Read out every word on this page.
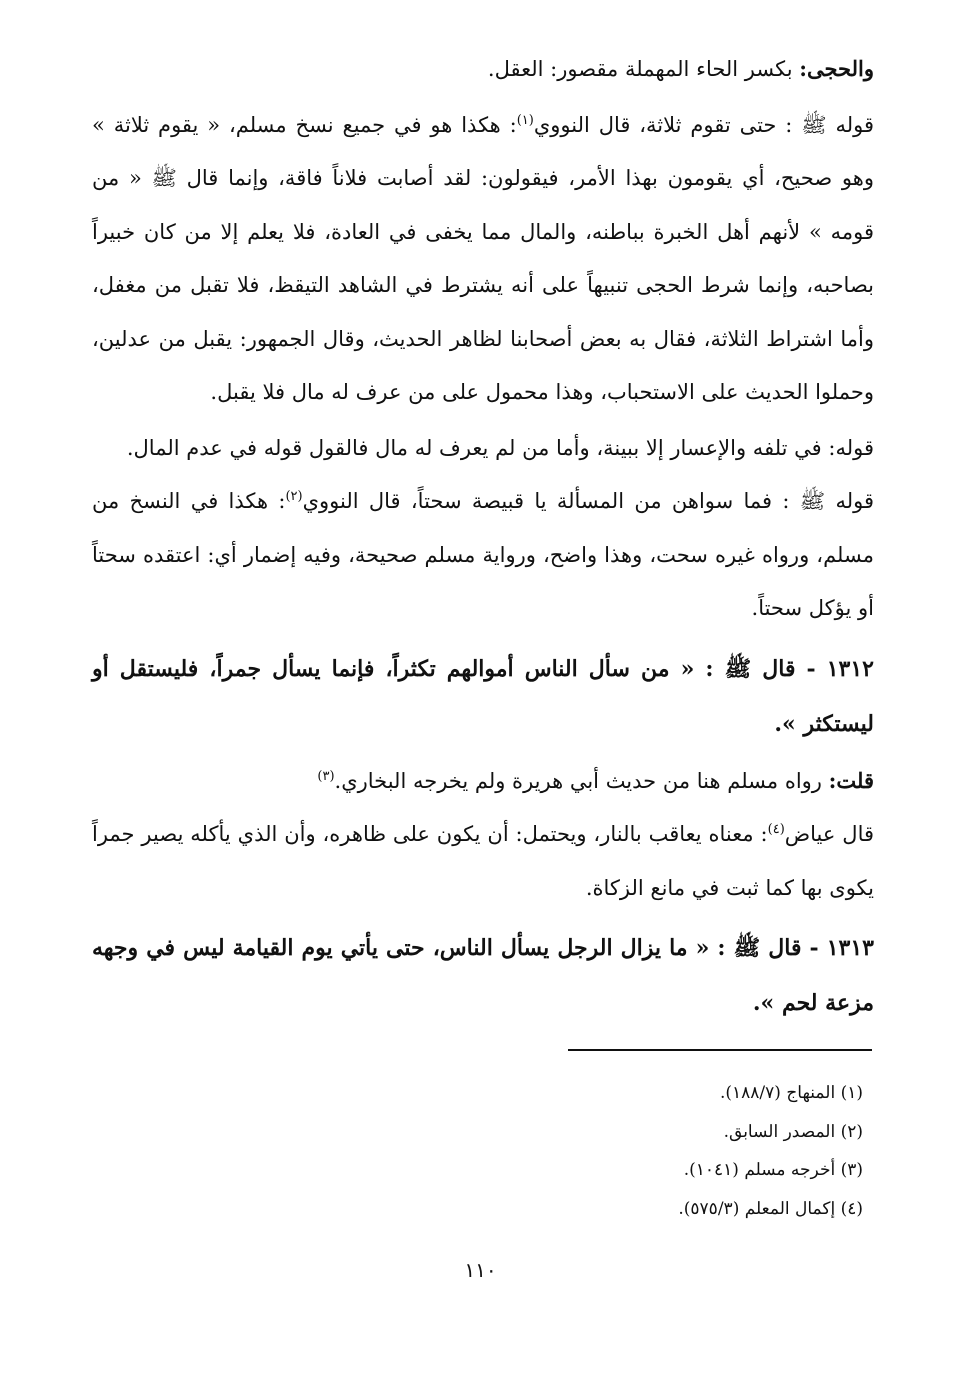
والحجى: بكسر الحاء المهملة مقصور: العقل.

قوله ﷺ : حتى تقوم ثلاثة، قال النووي$^{(١)}$: هكذا هو في جميع نسخ مسلم، « يقوم ثلاثة » وهو صحيح، أي يقومون بهذا الأمر، فيقولون: لقد أصابت فلاناً فاقة، وإنما قال ﷺ « من قومه » لأنهم أهل الخبرة بباطنه، والمال مما يخفى في العادة، فلا يعلم إلا من كان خبيراً بصاحبه، وإنما شرط الحجى تنبيهاً على أنه يشترط في الشاهد التيقظ، فلا تقبل من مغفل، وأما اشتراط الثلاثة، فقال به بعض أصحابنا لظاهر الحديث، وقال الجمهور: يقبل من عدلين، وحملوا الحديث على الاستحباب، وهذا محمول على من عرف له مال فلا يقبل.

قوله: في تلفه والإعسار إلا ببينة، وأما من لم يعرف له مال فالقول قوله في عدم المال.

قوله ﷺ : فما سواهن من المسألة يا قبيصة سحتاً، قال النووي$^{(٢)}$: هكذا في النسخ من مسلم، ورواه غيره سحت، وهذا واضح، ورواية مسلم صحيحة، وفيه إضمار أي: اعتقده سحتاً أو يؤكل سحتاً.

١٣١٢ - قال ﷺ : « من سأل الناس أموالهم تكثراً، فإنما يسأل جمراً، فليستقل أو ليستكثر ».

قلت: رواه مسلم هنا من حديث أبي هريرة ولم يخرجه البخاري.$^{(٣)}$

قال عياض$^{(٤)}$: معناه يعاقب بالنار، ويحتمل: أن يكون على ظاهره، وأن الذي يأكله يصير جمراً يكوى بها كما ثبت في مانع الزكاة.

١٣١٣ - قال ﷺ : « ما يزال الرجل يسأل الناس، حتى يأتي يوم القيامة ليس في وجهه مزعة لحم ».

(١) المنهاج (١٨٨/٧).
(٢) المصدر السابق.
(٣) أخرجه مسلم (١٠٤١).
(٤) إكمال المعلم (٥٧٥/٣).
١١٠
